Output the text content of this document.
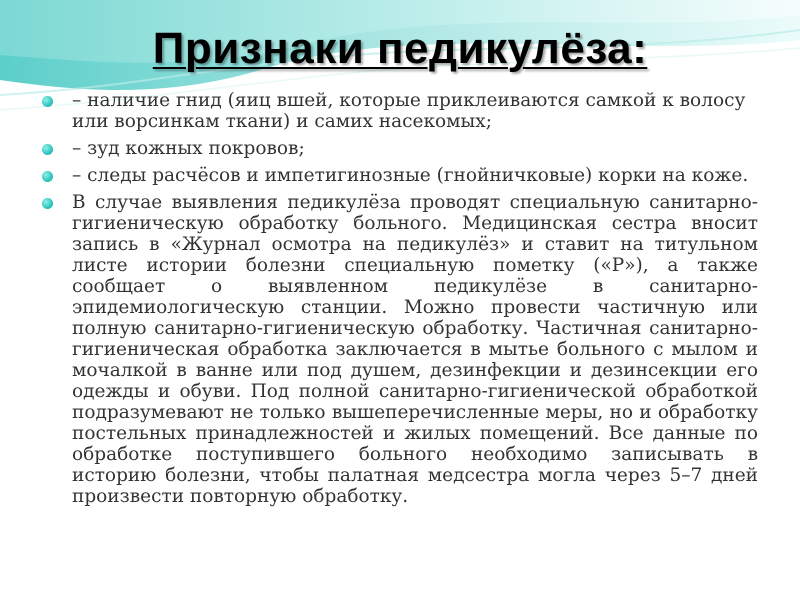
Признаки педикулёза:
– наличие гнид (яиц вшей, которые приклеиваются самкой к волосу или ворсинкам ткани) и самих насекомых;
– зуд кожных покровов;
– следы расчёсов и импетигинозные (гнойничковые) корки на коже.
В случае выявления педикулёза проводят специальную санитарно-гигиеническую обработку больного. Медицинская сестра вносит запись в «Журнал осмотра на педикулёз» и ставит на титульном листе истории болезни специальную пометку («Р»), а также сообщает о выявленном педикулёзе в санитарно- эпидемиологическую станции. Можно провести частичную или полную санитарно-гигиеническую обработку. Частичная санитарно-гигиеническая обработка заключается в мытье больного с мылом и мочалкой в ванне или под душем, дезинфекции и дезинсекции его одежды и обуви. Под полной санитарно-гигиенической обработкой подразумевают не только вышеперечисленные меры, но и обработку постельных принадлежностей и жилых помещений. Все данные по обработке поступившего больного необходимо записывать в историю болезни, чтобы палатная медсестра могла через 5–7 дней произвести повторную обработку.
